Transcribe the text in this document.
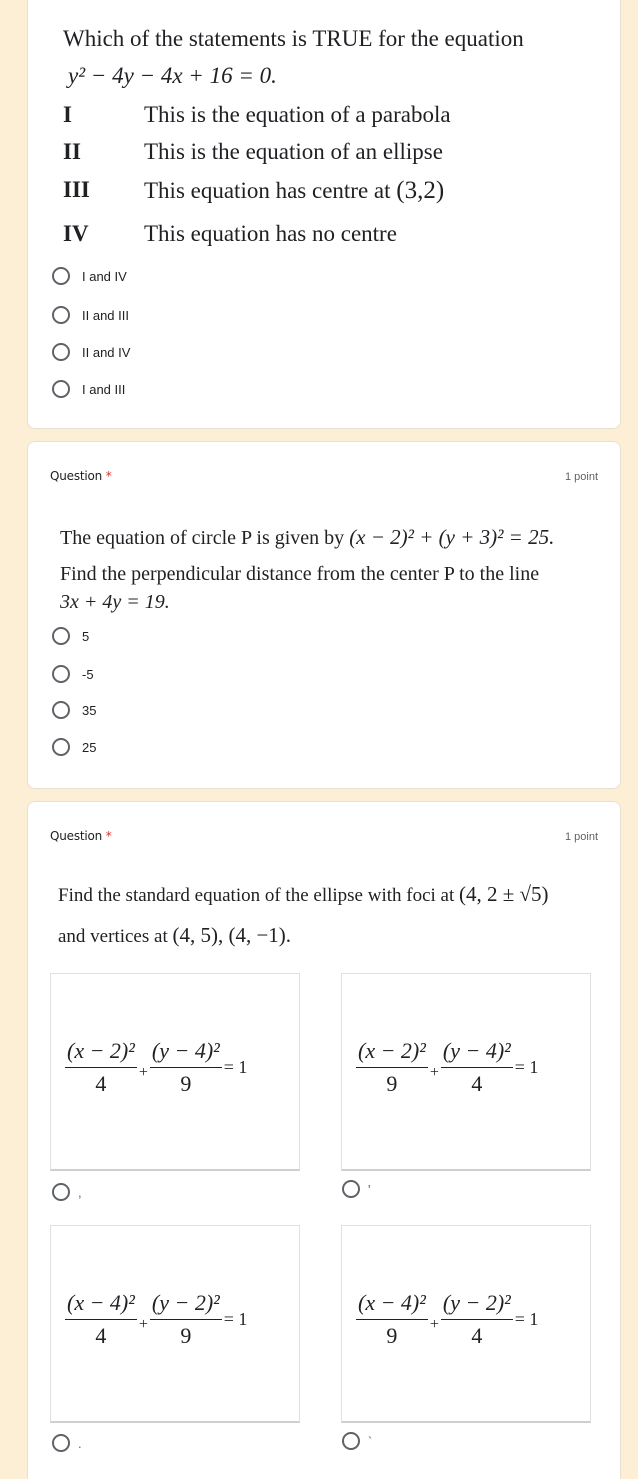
Which of the statements is TRUE for the equation
y² − 4y − 4x + 16 = 0.
I	This is the equation of a parabola
II	This is the equation of an ellipse
III This equation has centre at (3,2)
IV This equation has no centre
I and IV
II and III
II and IV
I and III
Question *	1 point
The equation of circle P is given by (x − 2)² + (y + 3)² = 25.
Find the perpendicular distance from the center P to the line
3x + 4y = 19.
5
-5
35
25
Question *	1 point
Find the standard equation of the ellipse with foci at (4, 2 ± √5)
and vertices at (4, 5), (4, −1).
$\frac{\text{(x − 2)²}}{4} + \frac{\text{(y − 4)²}}{9} = 1$
,
$\frac{\text{(x − 2)²}}{9} + \frac{\text{(y − 4)²}}{4} = 1$
'
$\frac{\text{(x − 4)²}}{4} + \frac{\text{(y − 2)²}}{9} = 1$
.
$\frac{\text{(x − 4)²}}{9} + \frac{\text{(y − 2)²}}{4} = 1$
`
